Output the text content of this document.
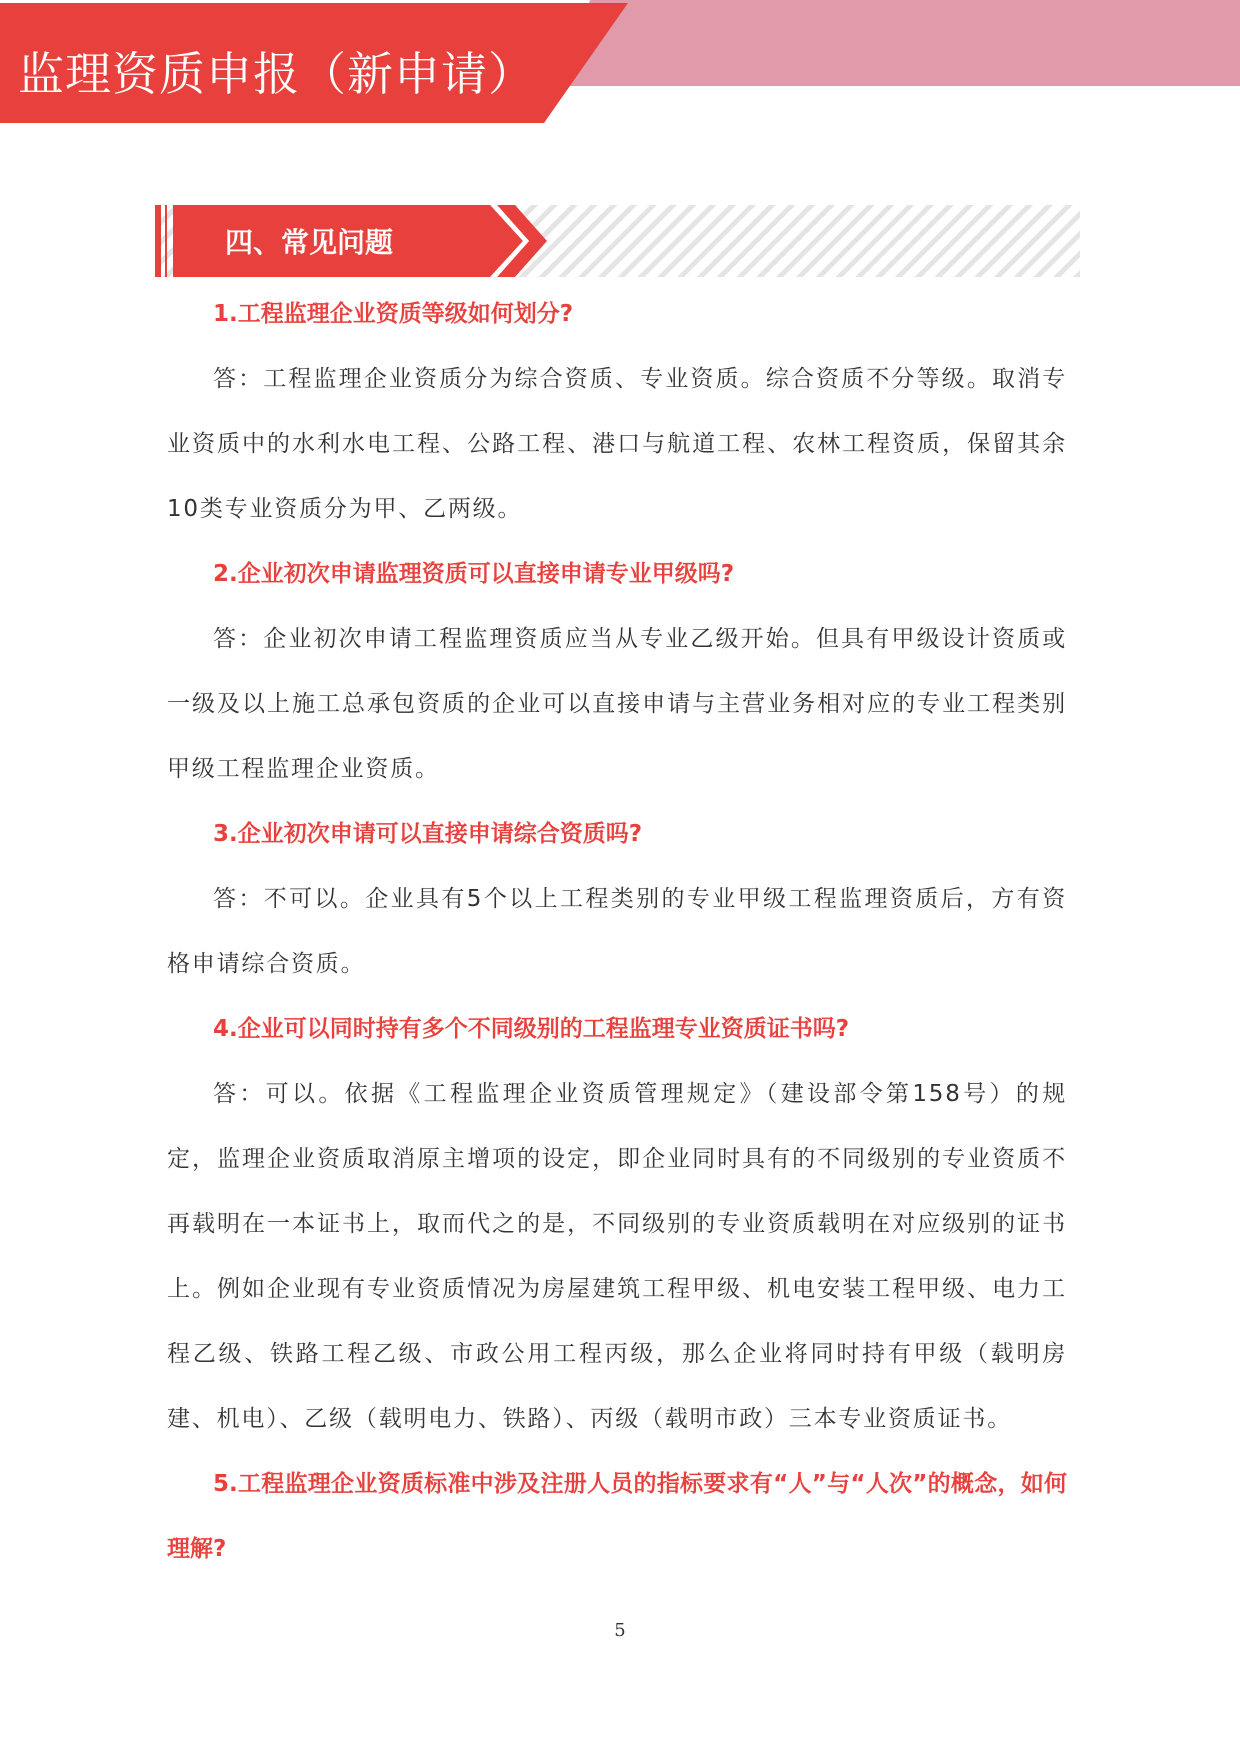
监理资质申报（新申请）
四、常见问题

1.工程监理企业资质等级如何划分?

答：工程监理企业资质分为综合资质、专业资质。综合资质不分等级。取消专业资质中的水利水电工程、公路工程、港口与航道工程、农林工程资质，保留其余10类专业资质分为甲、乙两级。

2.企业初次申请监理资质可以直接申请专业甲级吗?

答：企业初次申请工程监理资质应当从专业乙级开始。但具有甲级设计资质或一级及以上施工总承包资质的企业可以直接申请与主营业务相对应的专业工程类别甲级工程监理企业资质。

3.企业初次申请可以直接申请综合资质吗?

答：不可以。企业具有5个以上工程类别的专业甲级工程监理资质后，方有资格申请综合资质。

4.企业可以同时持有多个不同级别的工程监理专业资质证书吗?

答：可以。依据《工程监理企业资质管理规定》（建设部令第158号）的规定，监理企业资质取消原主增项的设定，即企业同时具有的不同级别的专业资质不再载明在一本证书上，取而代之的是，不同级别的专业资质载明在对应级别的证书上。例如企业现有专业资质情况为房屋建筑工程甲级、机电安装工程甲级、电力工程乙级、铁路工程乙级、市政公用工程丙级，那么企业将同时持有甲级（载明房建、机电）、乙级（载明电力、铁路）、丙级（载明市政）三本专业资质证书。

5.工程监理企业资质标准中涉及注册人员的指标要求有“人”与“人次”的概念，如何理解?

5
